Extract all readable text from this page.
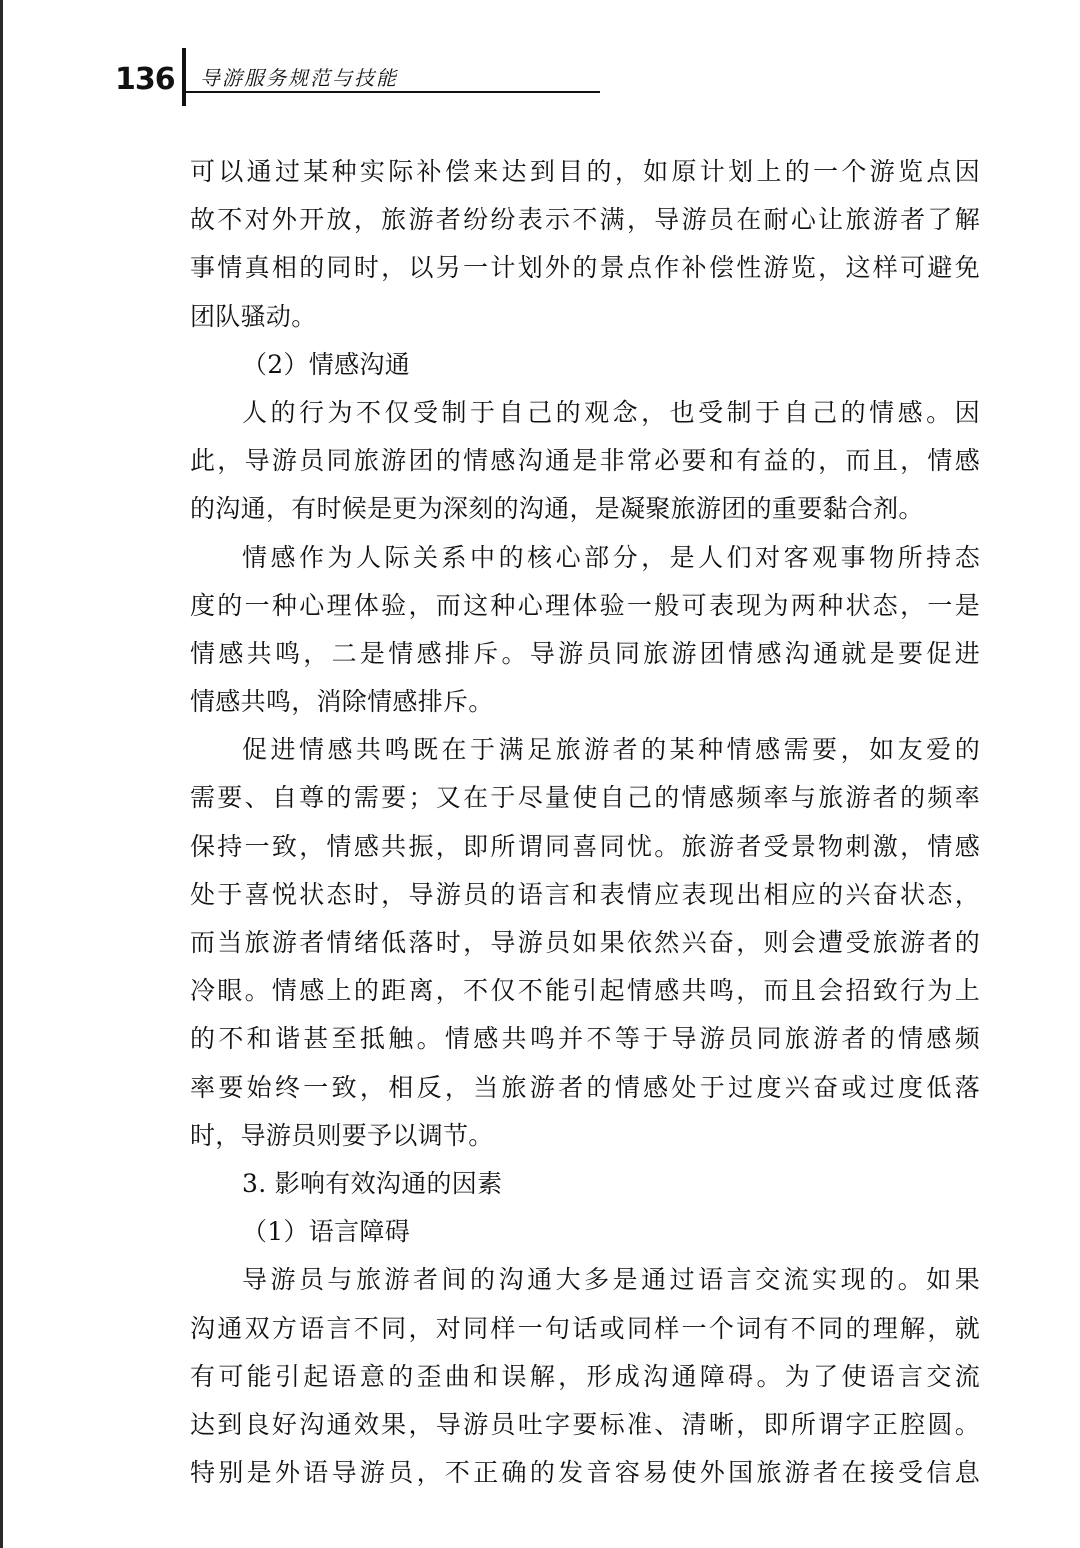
136 导游服务规范与技能
可以通过某种实际补偿来达到目的，如原计划上的一个游览点因
故不对外开放，旅游者纷纷表示不满，导游员在耐心让旅游者了解
事情真相的同时，以另一计划外的景点作补偿性游览，这样可避免
团队骚动。
（2）情感沟通
人的行为不仅受制于自己的观念，也受制于自己的情感。因
此，导游员同旅游团的情感沟通是非常必要和有益的，而且，情感
的沟通，有时候是更为深刻的沟通，是凝聚旅游团的重要黏合剂。
情感作为人际关系中的核心部分，是人们对客观事物所持态
度的一种心理体验，而这种心理体验一般可表现为两种状态，一是
情感共鸣，二是情感排斥。导游员同旅游团情感沟通就是要促进
情感共鸣，消除情感排斥。
促进情感共鸣既在于满足旅游者的某种情感需要，如友爱的
需要、自尊的需要；又在于尽量使自己的情感频率与旅游者的频率
保持一致，情感共振，即所谓同喜同忧。旅游者受景物刺激，情感
处于喜悦状态时，导游员的语言和表情应表现出相应的兴奋状态，
而当旅游者情绪低落时，导游员如果依然兴奋，则会遭受旅游者的
冷眼。情感上的距离，不仅不能引起情感共鸣，而且会招致行为上
的不和谐甚至抵触。情感共鸣并不等于导游员同旅游者的情感频
率要始终一致，相反，当旅游者的情感处于过度兴奋或过度低落
时，导游员则要予以调节。
3. 影响有效沟通的因素
（1）语言障碍
导游员与旅游者间的沟通大多是通过语言交流实现的。如果
沟通双方语言不同，对同样一句话或同样一个词有不同的理解，就
有可能引起语意的歪曲和误解，形成沟通障碍。为了使语言交流
达到良好沟通效果，导游员吐字要标准、清晰，即所谓字正腔圆。
特别是外语导游员，不正确的发音容易使外国旅游者在接受信息
